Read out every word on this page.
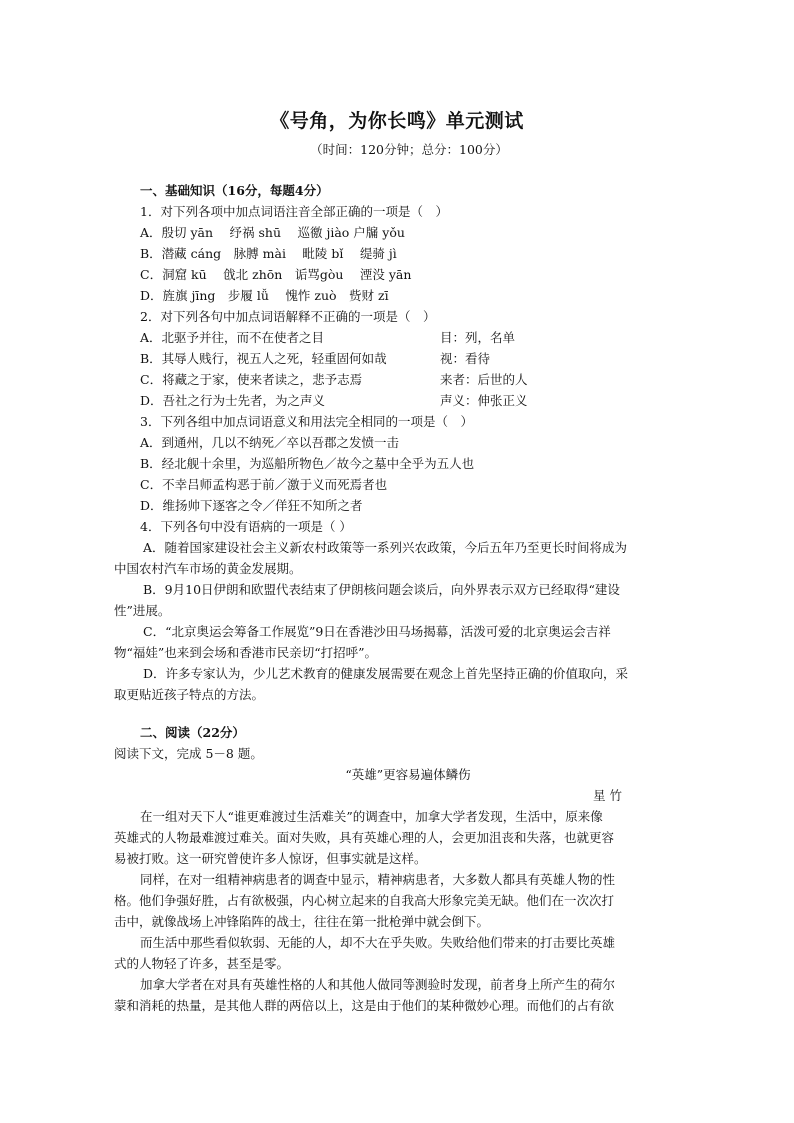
《号角，为你长鸣》单元测试
（时间：120分钟；总分：100分）
一、基础知识（16分，每题4分）
1．对下列各项中加点词语注音全部正确的一项是（　）
A．殷切 yān　 纾祸 shū　 巡徼 jiào 户牖 yǒu
B．潜藏 cáng　脉膊 mài　 毗陵 bǐ　 缇骑 jì
C．洞窟 kū　 戗北 zhōn　诟骂gòu　 湮没 yān
D．旌旗 jīng　步履 lǚ　 愧怍 zuò　赀财 zī
2．对下列各句中加点词语解释不正确的一项是（　）
A．北驱予并往，而不在使者之目	目：列，名单
B．其辱人贱行，视五人之死，轻重固何如哉	视：看待
C．将藏之于家，使来者读之，悲予志焉	来者：后世的人
D．吾社之行为士先者，为之声义	声义：伸张正义
3．下列各组中加点词语意义和用法完全相同的一项是（　）
A．到通州，几以不纳死／卒以吾郡之发愤一击
B．经北舰十余里，为巡船所物色／故今之墓中全乎为五人也
C．不幸吕师孟构恶于前／激于义而死焉者也
D．维扬帅下逐客之令／佯狂不知所之者
4．下列各句中没有语病的一项是（ ）
A．随着国家建设社会主义新农村政策等一系列兴农政策，今后五年乃至更长时间将成为
中国农村汽车市场的黄金发展期。
B．9月10日伊朗和欧盟代表结束了伊朗核问题会谈后，向外界表示双方已经取得“建设
性”进展。
C．“北京奥运会筹备工作展览”9日在香港沙田马场揭幕，活泼可爱的北京奥运会吉祥
物“福娃”也来到会场和香港市民亲切“打招呼”。
D．许多专家认为，少儿艺术教育的健康发展需要在观念上首先坚持正确的价值取向，采
取更贴近孩子特点的方法。
二、阅读（22分）
阅读下文，完成 5－8 题。
“英雄”更容易遍体鳞伤
星 竹
在一组对天下人“谁更难渡过生活难关”的调查中，加拿大学者发现，生活中，原来像
英雄式的人物最难渡过难关。面对失败，具有英雄心理的人，会更加沮丧和失落，也就更容
易被打败。这一研究曾使许多人惊讶，但事实就是这样。
同样，在对一组精神病患者的调查中显示，精神病患者，大多数人都具有英雄人物的性
格。他们争强好胜，占有欲极强，内心树立起来的自我高大形象完美无缺。他们在一次次打
击中，就像战场上冲锋陷阵的战士，往往在第一批枪弹中就会倒下。
而生活中那些看似软弱、无能的人，却不大在乎失败。失败给他们带来的打击要比英雄
式的人物轻了许多，甚至是零。
加拿大学者在对具有英雄性格的人和其他人做同等测验时发现，前者身上所产生的荷尔
蒙和消耗的热量，是其他人群的两倍以上，这是由于他们的某种微妙心理。而他们的占有欲
